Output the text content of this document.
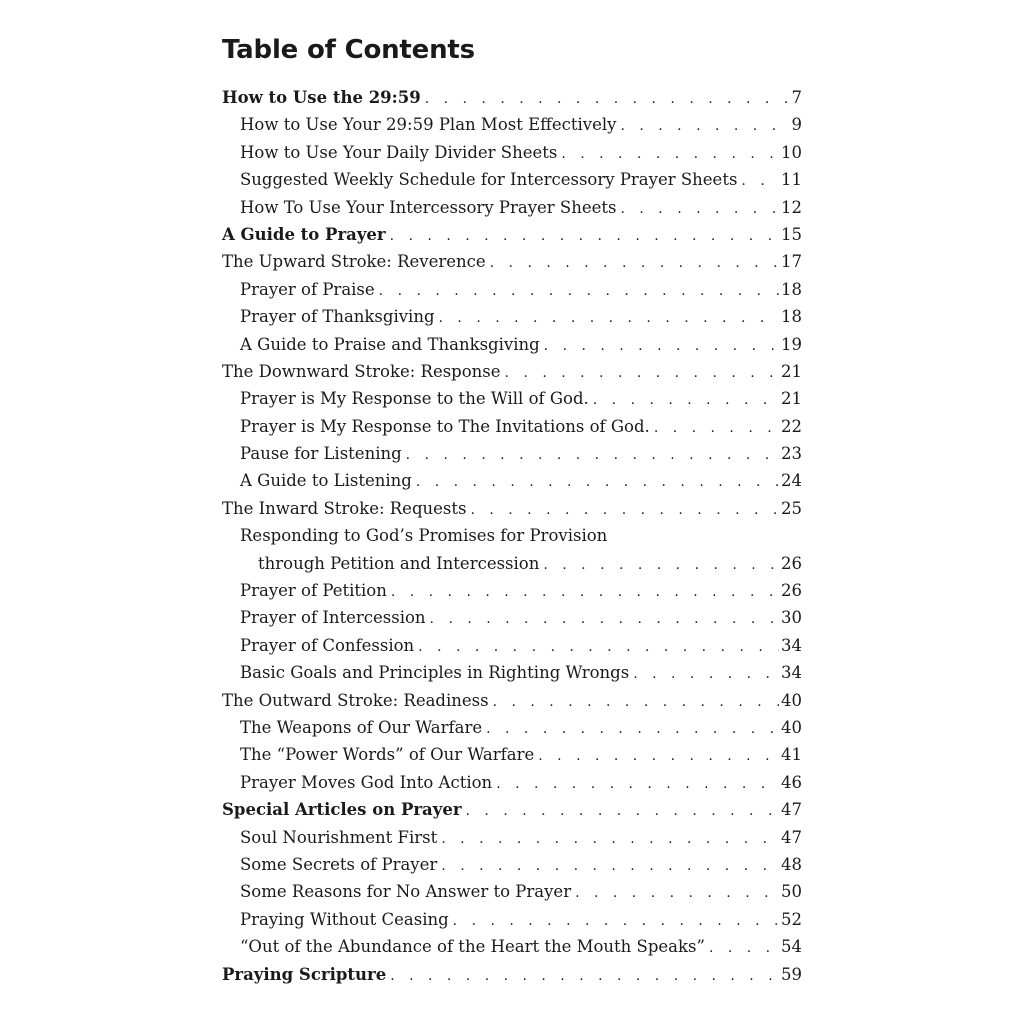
Table of Contents
How to Use the 29:59 . . .	7
How to Use Your 29:59 Plan Most Effectively . . .	9
How to Use Your Daily Divider Sheets . . .	10
Suggested Weekly Schedule for Intercessory Prayer Sheets . . .	11
How To Use Your Intercessory Prayer Sheets . . .	12
A Guide to Prayer . . .	15
The Upward Stroke: Reverence . . .	17
Prayer of Praise . . .	18
Prayer of Thanksgiving . . .	18
A Guide to Praise and Thanksgiving . . .	19
The Downward Stroke: Response . . .	21
Prayer is My Response to the Will of God. . . .	21
Prayer is My Response to The Invitations of God. . . .	22
Pause for Listening . . .	23
A Guide to Listening . . .	24
The Inward Stroke: Requests . . .	25
Responding to God’s Promises for Provision
through Petition and Intercession . . .	26
Prayer of Petition . . .	26
Prayer of Intercession . . .	30
Prayer of Confession . . .	34
Basic Goals and Principles in Righting Wrongs . . .	34
The Outward Stroke: Readiness . . .	40
The Weapons of Our Warfare . . .	40
The “Power Words” of Our Warfare . . .	41
Prayer Moves God Into Action . . .	46
Special Articles on Prayer . . .	47
Soul Nourishment First . . .	47
Some Secrets of Prayer . . .	48
Some Reasons for No Answer to Prayer . . .	50
Praying Without Ceasing . . .	52
“Out of the Abundance of the Heart the Mouth Speaks” . . .	54
Praying Scripture . . .	59
